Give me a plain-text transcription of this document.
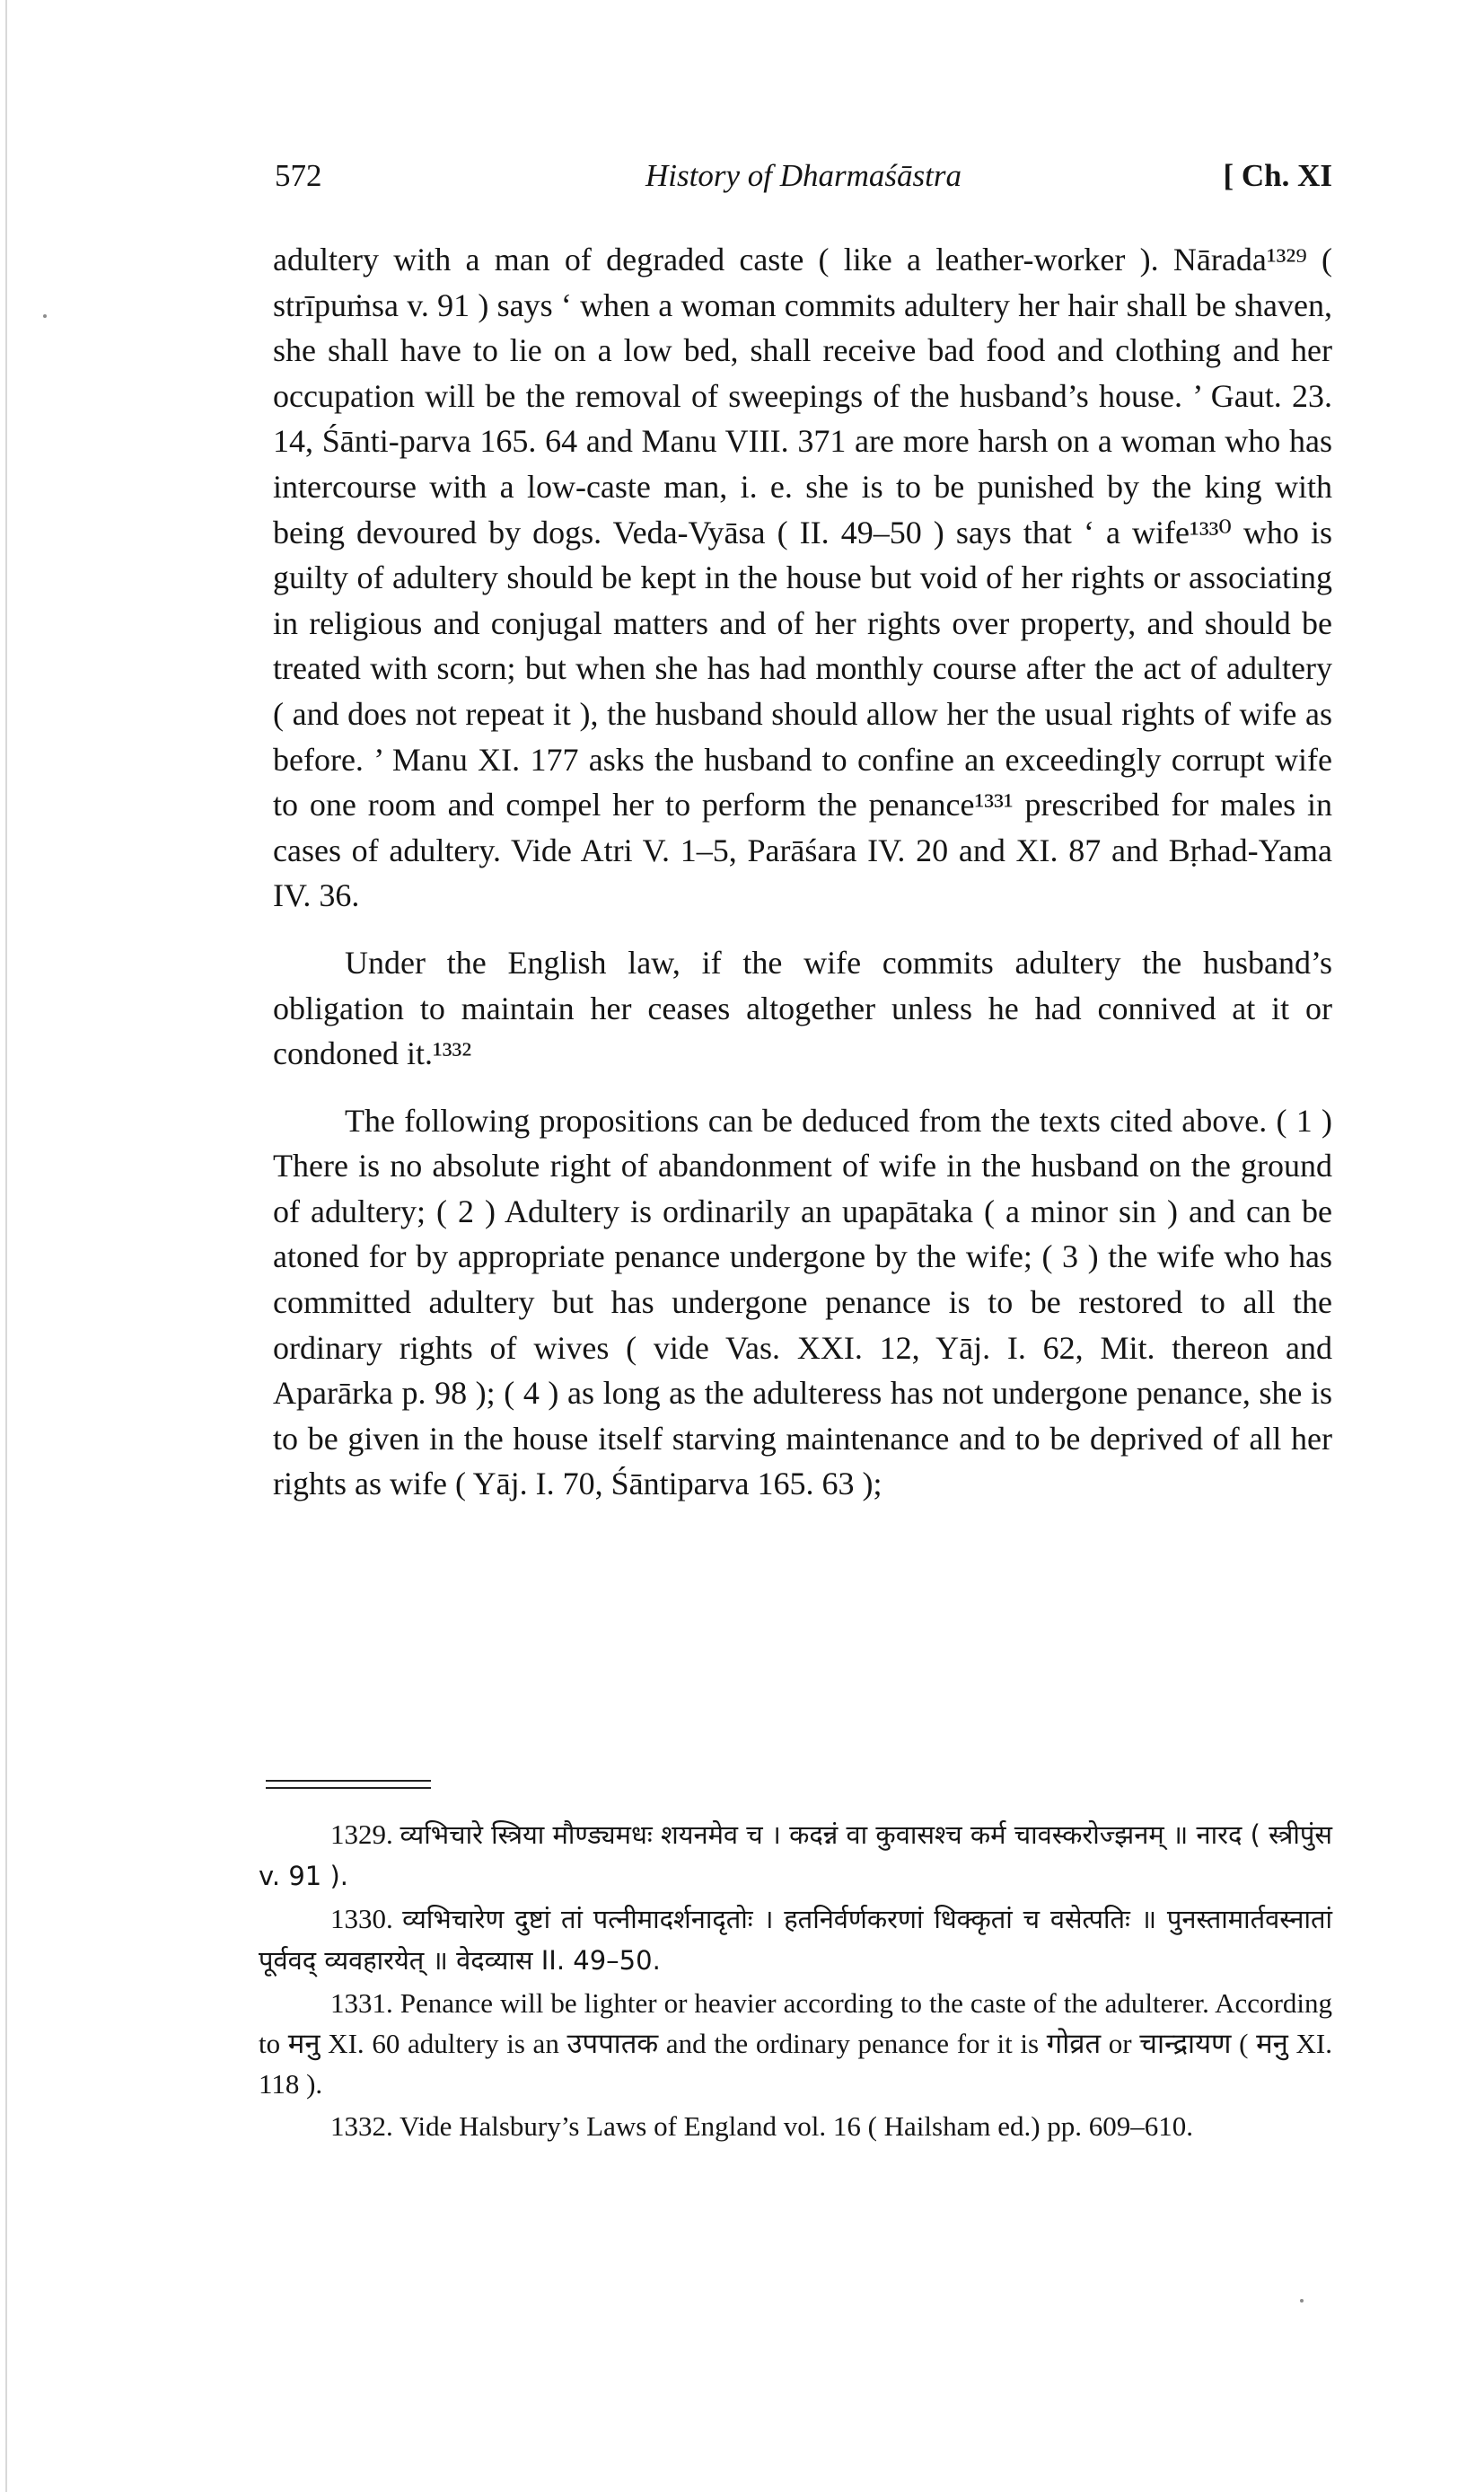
572	History of Dharmaśāstra	[ Ch. XI

adultery with a man of degraded caste ( like a leather-worker ). Nārada¹³²⁹ ( strīpuṁsa v. 91 ) says ‘ when a woman commits adultery her hair shall be shaven, she shall have to lie on a low bed, shall receive bad food and clothing and her occupation will be the removal of sweepings of the husband’s house. ’ Gaut. 23. 14, Śānti-parva 165. 64 and Manu VIII. 371 are more harsh on a woman who has intercourse with a low-caste man, i. e. she is to be punished by the king with being devoured by dogs. Veda-Vyāsa ( II. 49–50 ) says that ‘ a wife¹³³⁰ who is guilty of adultery should be kept in the house but void of her rights or associating in religious and conjugal matters and of her rights over property, and should be treated with scorn; but when she has had monthly course after the act of adultery ( and does not repeat it ), the husband should allow her the usual rights of wife as before. ’ Manu XI. 177 asks the husband to confine an exceedingly corrupt wife to one room and compel her to perform the penance¹³³¹ prescribed for males in cases of adultery. Vide Atri V. 1–5, Parāśara IV. 20 and XI. 87 and Bṛhad-Yama IV. 36.

Under the English law, if the wife commits adultery the husband’s obligation to maintain her ceases altogether unless he had connived at it or condoned it.¹³³²

The following propositions can be deduced from the texts cited above. ( 1 ) There is no absolute right of abandonment of wife in the husband on the ground of adultery; ( 2 ) Adultery is ordinarily an upapātaka ( a minor sin ) and can be atoned for by appropriate penance undergone by the wife; ( 3 ) the wife who has committed adultery but has undergone penance is to be restored to all the ordinary rights of wives ( vide Vas. XXI. 12, Yāj. I. 62, Mit. thereon and Aparārka p. 98 ); ( 4 ) as long as the adulteress has not undergone penance, she is to be given in the house itself starving maintenance and to be deprived of all her rights as wife ( Yāj. I. 70, Śāntiparva 165. 63 );

1329. व्यभिचारे स्त्रिया मौण्ड्यमधः शयनमेव च । कदन्नं वा कुवासश्च कर्म चावस्करोज्झनम् ॥ नारद ( स्त्रीपुंस v. 91 ).

1330. व्यभिचारेण दुष्टां तां पत्नीमादर्शनादृतोः । हतनिर्वर्णकरणां धिक्कृतां च वसेत्पतिः ॥ पुनस्तामार्तवस्नातां पूर्ववद् व्यवहारयेत् ॥ वेदव्यास II. 49–50.

1331. Penance will be lighter or heavier according to the caste of the adulterer. According to मनु XI. 60 adultery is an उपपातक and the ordinary penance for it is गोव्रत or चान्द्रायण ( मनु XI. 118 ).

1332. Vide Halsbury’s Laws of England vol. 16 ( Hailsham ed.) pp. 609–610.
